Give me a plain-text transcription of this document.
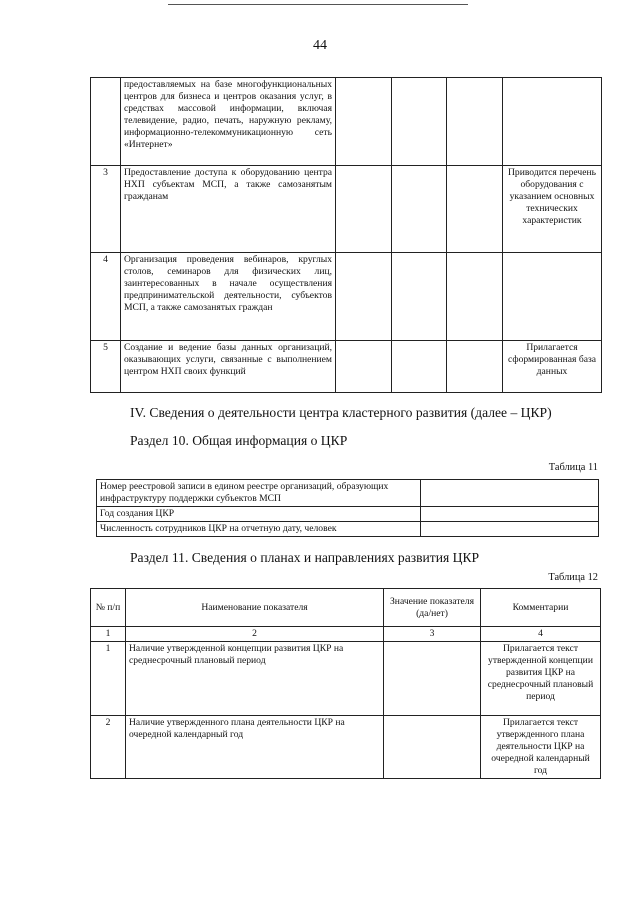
44
	предоставляемых на базе многофункциональных центров для бизнеса и центров оказания услуг, в средствах массовой информации, включая телевидение, радио, печать, наружную рекламу, информационно-телекоммуникационную сеть «Интернет»				
3	Предоставление доступа к оборудованию центра НХП субъектам МСП, а также самозанятым гражданам				Приводится перечень оборудования с указанием основных технических характеристик
4	Организация проведения вебинаров, круглых столов, семинаров для физических лиц, заинтересованных в начале осуществления предпринимательской деятельности, субъектов МСП, а также самозанятых граждан				
5	Создание и ведение базы данных организаций, оказывающих услуги, связанные с выполнением центром НХП своих функций				Прилагается сформированная база данных
IV. Сведения о деятельности центра кластерного развития (далее – ЦКР)
Раздел 10. Общая информация о ЦКР
Таблица 11
Номер реестровой записи в едином реестре организаций, образующих инфраструктуру поддержки субъектов МСП	
Год создания ЦКР	
Численность сотрудников ЦКР на отчетную дату, человек	
Раздел 11. Сведения о планах и направлениях развития ЦКР
Таблица 12
№ п/п	Наименование показателя	Значение показателя (да/нет)	Комментарии
1	2	3	4
1	Наличие утвержденной концепции развития ЦКР на среднесрочный плановый период		Прилагается текст утвержденной концепции развития ЦКР на среднесрочный плановый период
2	Наличие утвержденного плана деятельности ЦКР на очередной календарный год		Прилагается текст утвержденного плана деятельности ЦКР на очередной календарный год
